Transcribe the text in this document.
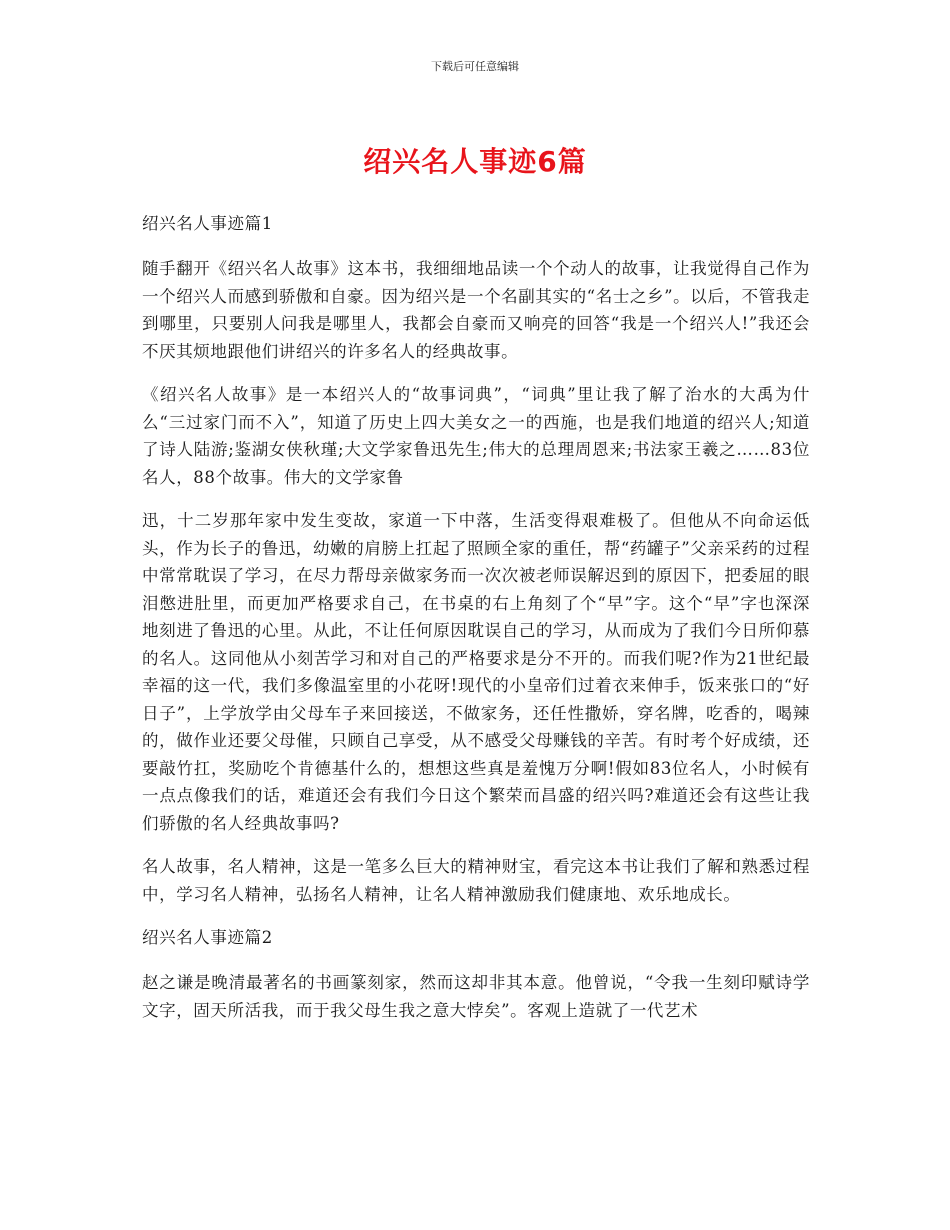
下载后可任意编辑
绍兴名人事迹6篇
绍兴名人事迹篇1

随手翻开《绍兴名人故事》这本书，我细细地品读一个个动人的故事，让我觉得自己作为一个绍兴人而感到骄傲和自豪。因为绍兴是一个名副其实的“名士之乡”。以后，不管我走到哪里，只要别人问我是哪里人，我都会自豪而又响亮的回答“我是一个绍兴人!”我还会不厌其烦地跟他们讲绍兴的许多名人的经典故事。

《绍兴名人故事》是一本绍兴人的“故事词典”，“词典”里让我了解了治水的大禹为什么“三过家门而不入”，知道了历史上四大美女之一的西施，也是我们地道的绍兴人;知道了诗人陆游;鉴湖女侠秋瑾;大文学家鲁迅先生;伟大的总理周恩来;书法家王羲之……83位名人，88个故事。伟大的文学家鲁

迅，十二岁那年家中发生变故，家道一下中落，生活变得艰难极了。但他从不向命运低头，作为长子的鲁迅，幼嫩的肩膀上扛起了照顾全家的重任，帮“药罐子”父亲采药的过程中常常耽误了学习，在尽力帮母亲做家务而一次次被老师误解迟到的原因下，把委屈的眼泪憋进肚里，而更加严格要求自己，在书桌的右上角刻了个“早”字。这个“早”字也深深地刻进了鲁迅的心里。从此，不让任何原因耽误自己的学习，从而成为了我们今日所仰慕的名人。这同他从小刻苦学习和对自己的严格要求是分不开的。而我们呢?作为21世纪最幸福的这一代，我们多像温室里的小花呀!现代的小皇帝们过着衣来伸手，饭来张口的“好日子”，上学放学由父母车子来回接送，不做家务，还任性撒娇，穿名牌，吃香的，喝辣的，做作业还要父母催，只顾自己享受，从不感受父母赚钱的辛苦。有时考个好成绩，还要敲竹扛，奖励吃个肯德基什么的，想想这些真是羞愧万分啊!假如83位名人，小时候有一点点像我们的话，难道还会有我们今日这个繁荣而昌盛的绍兴吗?难道还会有这些让我们骄傲的名人经典故事吗?

名人故事，名人精神，这是一笔多么巨大的精神财宝，看完这本书让我们了解和熟悉过程中，学习名人精神，弘扬名人精神，让名人精神激励我们健康地、欢乐地成长。

绍兴名人事迹篇2

赵之谦是晚清最著名的书画篆刻家，然而这却非其本意。他曾说，“令我一生刻印赋诗学文字，固天所活我，而于我父母生我之意大悖矣”。客观上造就了一代艺术
